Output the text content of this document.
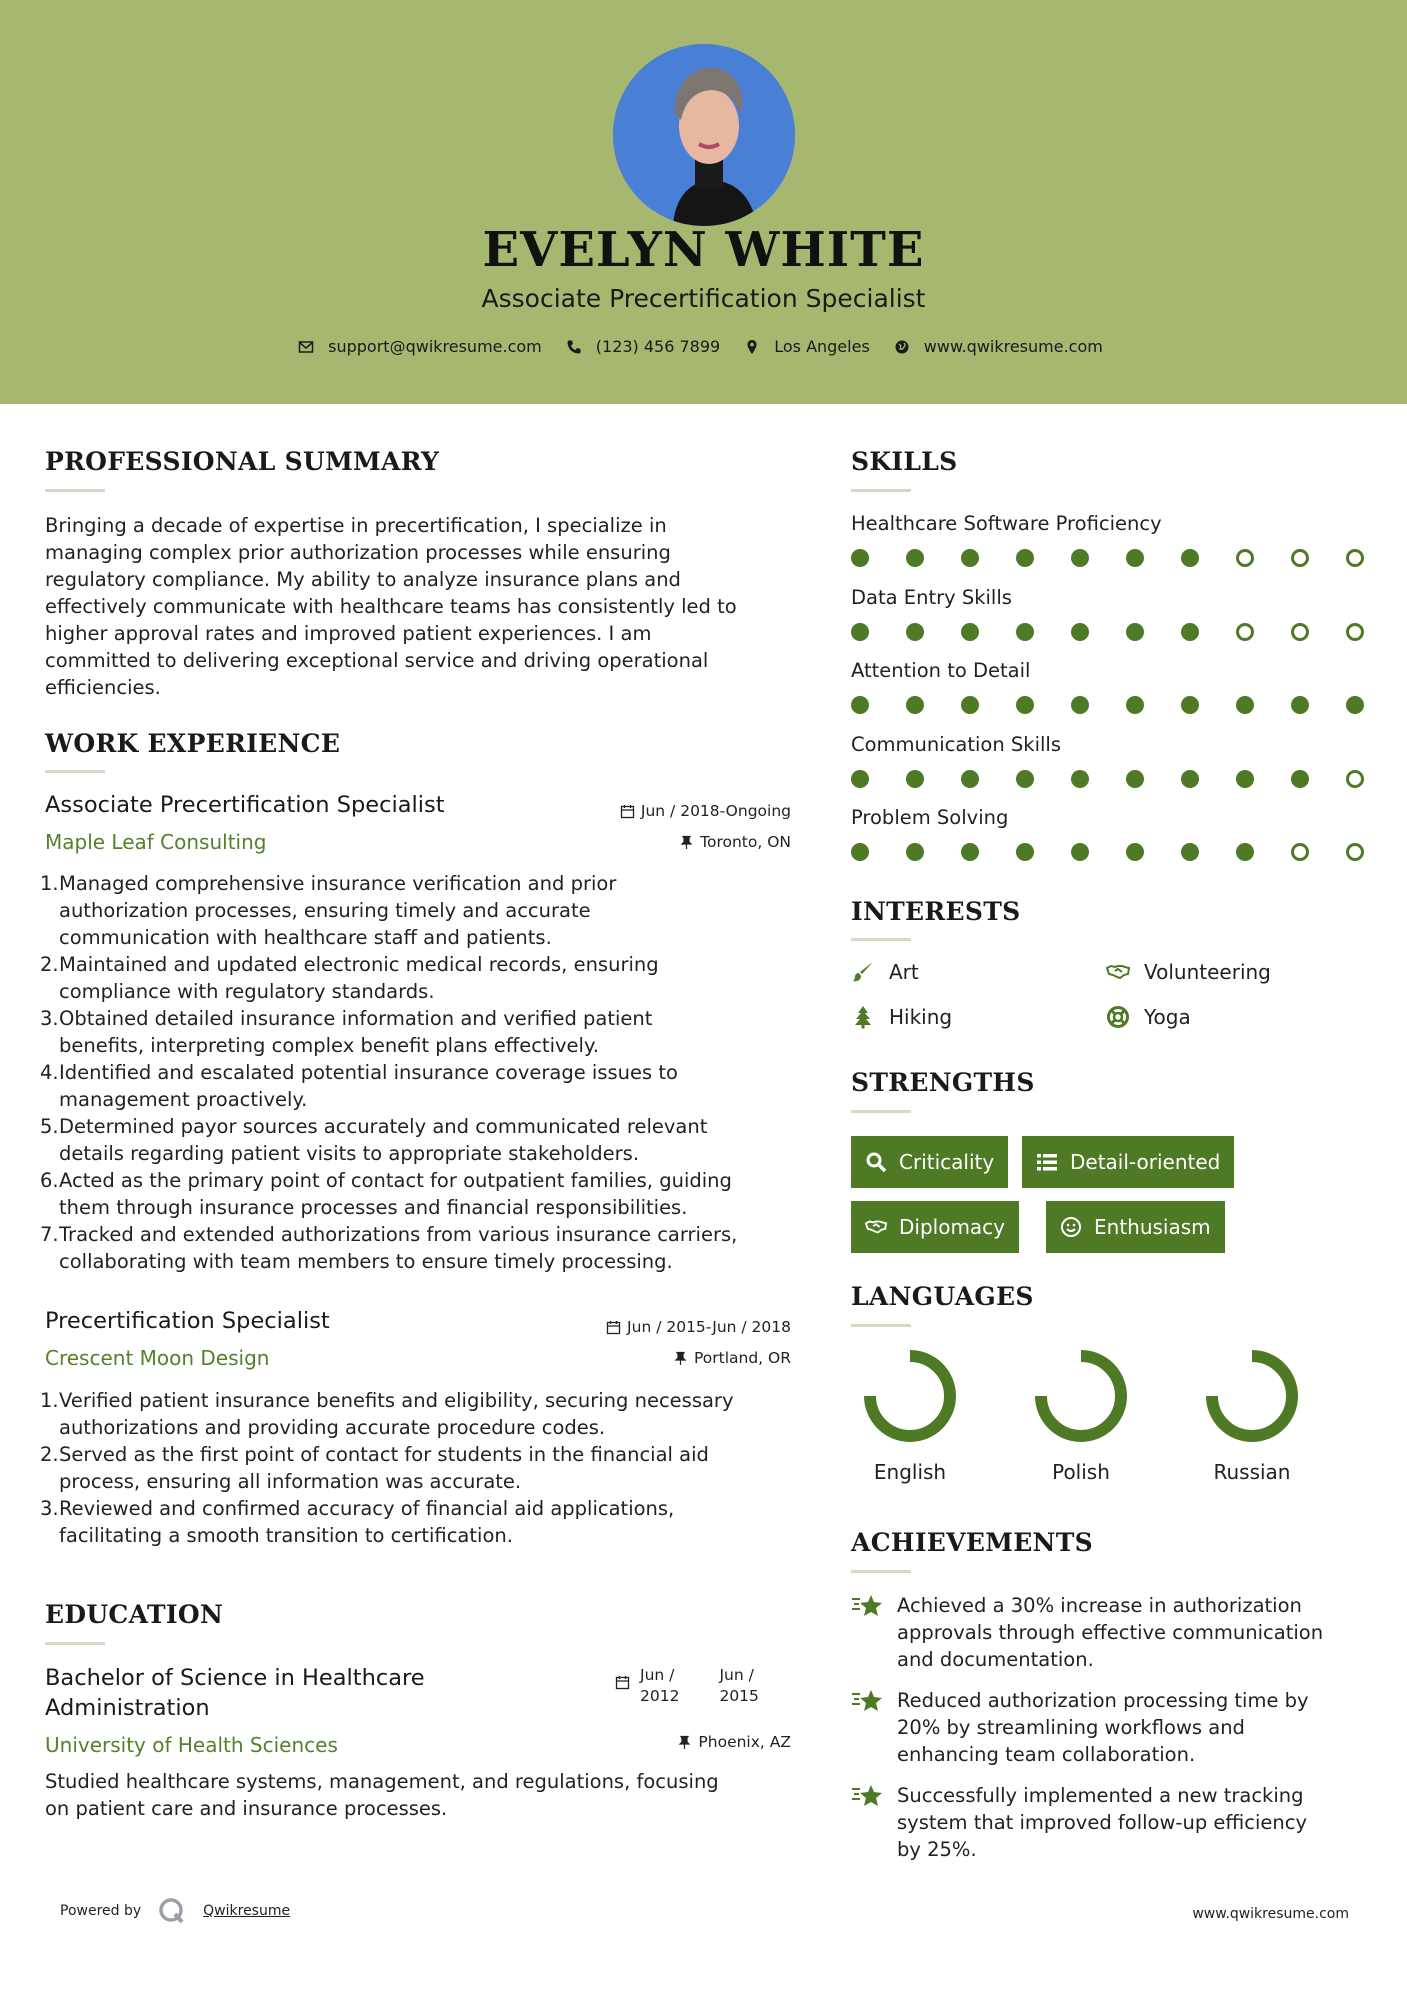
EVELYN WHITE
Associate Precertification Specialist
support@qwikresume.com	(123) 456 7899	Los Angeles	www.qwikresume.com
PROFESSIONAL SUMMARY
Bringing a decade of expertise in precertification, I specialize in
managing complex prior authorization processes while ensuring
regulatory compliance. My ability to analyze insurance plans and
effectively communicate with healthcare teams has consistently led to
higher approval rates and improved patient experiences. I am
committed to delivering exceptional service and driving operational
efficiencies.
WORK EXPERIENCE
Associate Precertification Specialist
Maple Leaf Consulting
Jun / 2018-Ongoing
Toronto, ON
1. Managed comprehensive insurance verification and prior
authorization processes, ensuring timely and accurate
communication with healthcare staff and patients.
2. Maintained and updated electronic medical records, ensuring
compliance with regulatory standards.
3. Obtained detailed insurance information and verified patient
benefits, interpreting complex benefit plans effectively.
4. Identified and escalated potential insurance coverage issues to
management proactively.
5. Determined payor sources accurately and communicated relevant
details regarding patient visits to appropriate stakeholders.
6. Acted as the primary point of contact for outpatient families, guiding
them through insurance processes and financial responsibilities.
7. Tracked and extended authorizations from various insurance carriers,
collaborating with team members to ensure timely processing.
Precertification Specialist
Crescent Moon Design
Jun / 2015-Jun / 2018
Portland, OR
1. Verified patient insurance benefits and eligibility, securing necessary
authorizations and providing accurate procedure codes.
2. Served as the first point of contact for students in the financial aid
process, ensuring all information was accurate.
3. Reviewed and confirmed accuracy of financial aid applications,
facilitating a smooth transition to certification.
EDUCATION
Bachelor of Science in Healthcare
Administration
University of Health Sciences
Jun /
2012
Jun /
2015
Phoenix, AZ
Studied healthcare systems, management, and regulations, focusing
on patient care and insurance processes.
SKILLS
Healthcare Software Proficiency
Data Entry Skills
Attention to Detail
Communication Skills
Problem Solving
INTERESTS
Art	Volunteering
Hiking	Yoga
STRENGTHS
Criticality	Detail-oriented
Diplomacy	Enthusiasm
LANGUAGES
English	Polish	Russian
ACHIEVEMENTS
Achieved a 30% increase in authorization
approvals through effective communication
and documentation.
Reduced authorization processing time by
20% by streamlining workflows and
enhancing team collaboration.
Successfully implemented a new tracking
system that improved follow-up efficiency
by 25%.
Powered by	Qwikresume	www.qwikresume.com
